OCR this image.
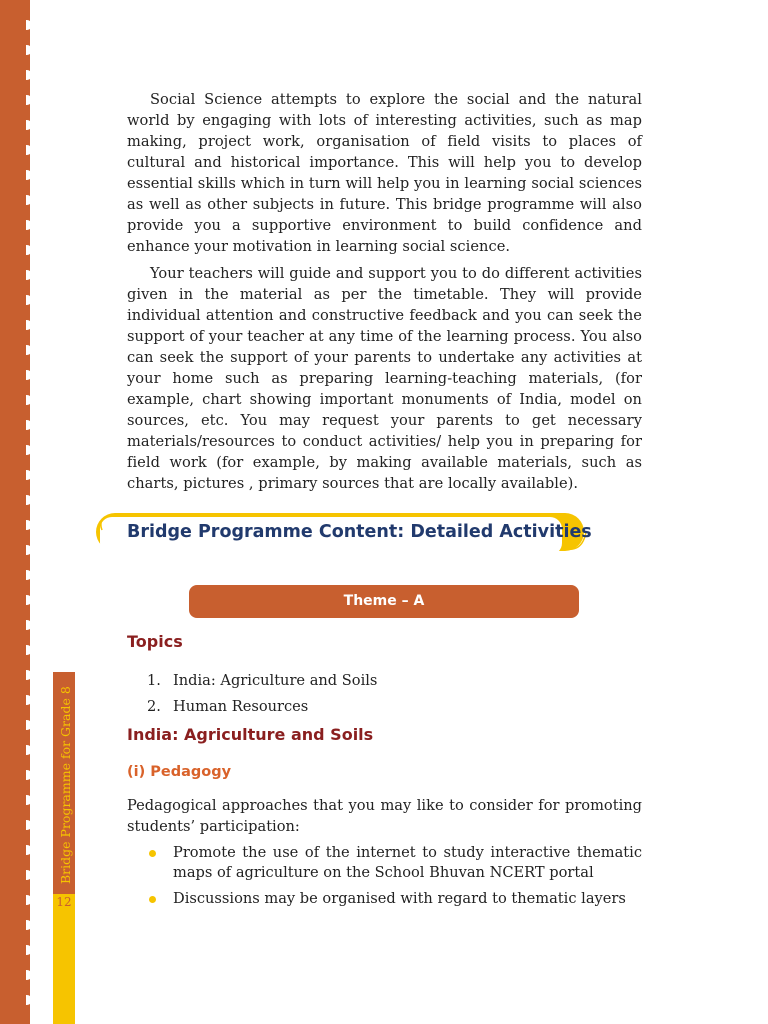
Bridge Programme for Grade 8
12

Social Science attempts to explore the social and the natural world by engaging with lots of interesting activities, such as map making, project work, organisation of field visits to places of cultural and historical importance. This will help you to develop essential skills which in turn will help you in learning social sciences as well as other subjects in future. This bridge programme will also provide you a supportive environment to build confidence and enhance your motivation in learning social science.

Your teachers will guide and support you to do different activities given in the material as per the timetable. They will provide individual attention and constructive feedback and you can seek the support of your teacher at any time of the learning process. You also can seek the support of your parents to undertake any activities at your home such as preparing learning-teaching materials, (for example, chart showing important monuments of India, model on sources, etc. You may request your parents to get necessary materials/resources to conduct activities/ help you in preparing for field work (for example, by making available materials, such as charts, pictures , primary sources that are locally available).

Bridge Programme Content: Detailed Activities
Theme – A
Topics
1. India: Agriculture and Soils
2. Human Resources
India: Agriculture and Soils
(i) Pedagogy

Pedagogical approaches that you may like to consider for promoting students’ participation:

Promote the use of the internet to study interactive thematic maps of agriculture on the School Bhuvan NCERT portal
Discussions may be organised with regard to thematic layers
